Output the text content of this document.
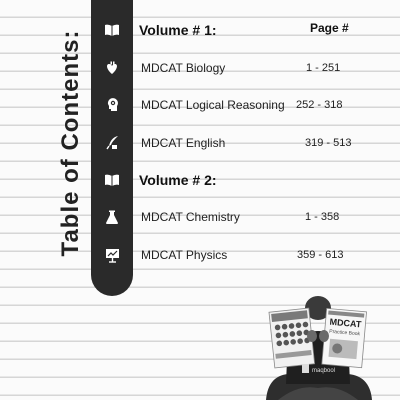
Table of Contents:	Volume # 1:	Page #
MDCAT Biology	1 - 251
MDCAT Logical Reasoning 252 - 318
MDCAT English	319 - 513
Volume # 2:
MDCAT Chemistry	1 - 358
MDCAT Physics	359 - 613
MDCAT
Practice Book
maqbool
